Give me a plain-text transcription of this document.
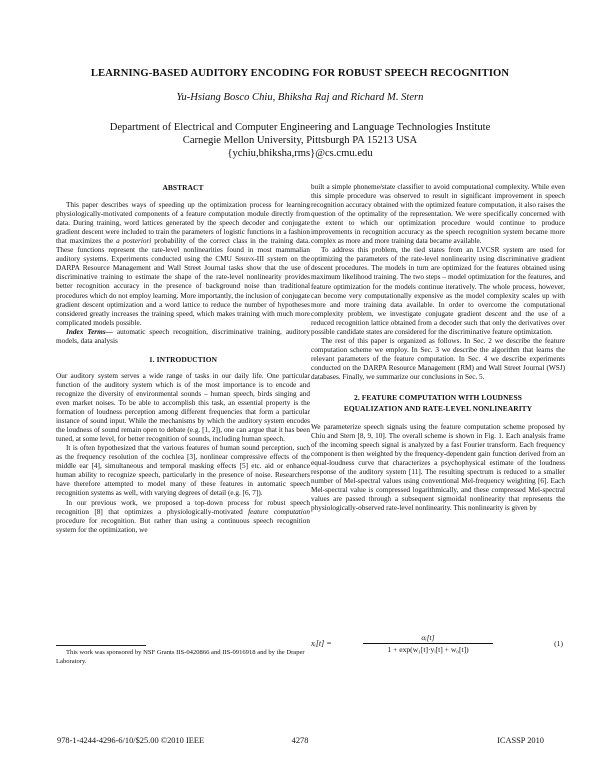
LEARNING-BASED AUDITORY ENCODING FOR ROBUST SPEECH RECOGNITION
Yu-Hsiang Bosco Chiu, Bhiksha Raj and Richard M. Stern
Department of Electrical and Computer Engineering and Language Technologies Institute
Carnegie Mellon University, Pittsburgh PA 15213 USA
{ychiu,bhiksha,rms}@cs.cmu.edu
ABSTRACT
This paper describes ways of speeding up the optimization process for learning physiologically-motivated components of a feature computation module directly from data. During training, word lattices generated by the speech decoder and conjugate gradient descent were included to train the parameters of logistic functions in a fashion that maximizes the a posteriori probability of the correct class in the training data. These functions represent the rate-level nonlinearities found in most mammalian auditory systems. Experiments conducted using the CMU Sphinx-III system on the DARPA Resource Management and Wall Street Journal tasks show that the use of discriminative training to estimate the shape of the rate-level nonlinearity provides better recognition accuracy in the presence of background noise than traditional procedures which do not employ learning. More importantly, the inclusion of conjugate gradient descent optimization and a word lattice to reduce the number of hypotheses considered greatly increases the training speed, which makes training with much more complicated models possible.
Index Terms— automatic speech recognition, discriminative training, auditory models, data analysis
1. INTRODUCTION
Our auditory system serves a wide range of tasks in our daily life. One particular function of the auditory system which is of the most importance is to encode and recognize the diversity of environmental sounds – human speech, birds singing and even market noises. To be able to accomplish this task, an essential property is the formation of loudness perception among different frequencies that form a particular instance of sound input. While the mechanisms by which the auditory system encodes the loudness of sound remain open to debate (e.g. [1, 2]), one can argue that it has been tuned, at some level, for better recognition of sounds, including human speech.
It is often hypothesized that the various features of human sound perception, such as the frequency resolution of the cochlea [3], nonlinear compressive effects of the middle ear [4], simultaneous and temporal masking effects [5] etc. aid or enhance human ability to recognize speech, particularly in the presence of noise. Researchers have therefore attempted to model many of these features in automatic speech recognition systems as well, with varying degrees of detail (e.g. [6, 7]).
In our previous work, we proposed a top-down process for robust speech recognition [8] that optimizes a physiologically-motivated feature computation procedure for recognition. But rather than using a continuous speech recognition system for the optimization, we
This work was sponsored by NSF Grants IIS-0420866 and IIS-0916918 and by the Draper Laboratory.
built a simple phoneme/state classifier to avoid computational complexity. While even this simple procedure was observed to result in significant improvement in speech recognition accuracy obtained with the optimized feature computation, it also raises the question of the optimality of the representation. We were specifically concerned with the extent to which our optimization procedure would continue to produce improvements in recognition accuracy as the speech recognition system became more complex as more and more training data became available.
To address this problem, the tied states from an LVCSR system are used for optimizing the parameters of the rate-level nonlinearity using discriminative gradient descent procedures. The models in turn are optimized for the features obtained using maximum likelihood training. The two steps – model optimization for the features, and feature optimization for the models continue iteratively. The whole process, however, can become very computationally expensive as the model complexity scales up with more and more training data available. In order to overcome the computational complexity problem, we investigate conjugate gradient descent and the use of a reduced recognition lattice obtained from a decoder such that only the derivatives over possible candidate states are considered for the discriminative feature optimization.
The rest of this paper is organized as follows. In Sec. 2 we describe the feature computation scheme we employ. In Sec. 3 we describe the algorithm that learns the relevant parameters of the feature computation. In Sec. 4 we describe experiments conducted on the DARPA Resource Management (RM) and Wall Street Journal (WSJ) databases. Finally, we summarize our conclusions in Sec. 5.
2. FEATURE COMPUTATION WITH LOUDNESS
EQUALIZATION AND RATE-LEVEL NONLINEARITY
We parameterize speech signals using the feature computation scheme proposed by Chiu and Stern [8, 9, 10]. The overall scheme is shown in Fig. 1. Each analysis frame of the incoming speech signal is analyzed by a fast Fourier transform. Each frequency component is then weighted by the frequency-dependent gain function derived from an equal-loudness curve that characterizes a psychophysical estimate of the loudness response of the auditory system [11]. The resulting spectrum is reduced to a smaller number of Mel-spectral values using conventional Mel-frequency weighting [6]. Each Mel-spectral value is compressed logarithmically, and these compressed Mel-spectral values are passed through a subsequent sigmoidal nonlinearity that represents the physiologically-observed rate-level nonlinearity. This nonlinearity is given by
xᵢ[t] =
αᵢ[t]
1 + exp(w₁[t]·yᵢ[t] + w₀[t])
(1)
978-1-4244-4296-6/10/$25.00 ©2010 IEEE	4278	ICASSP 2010
